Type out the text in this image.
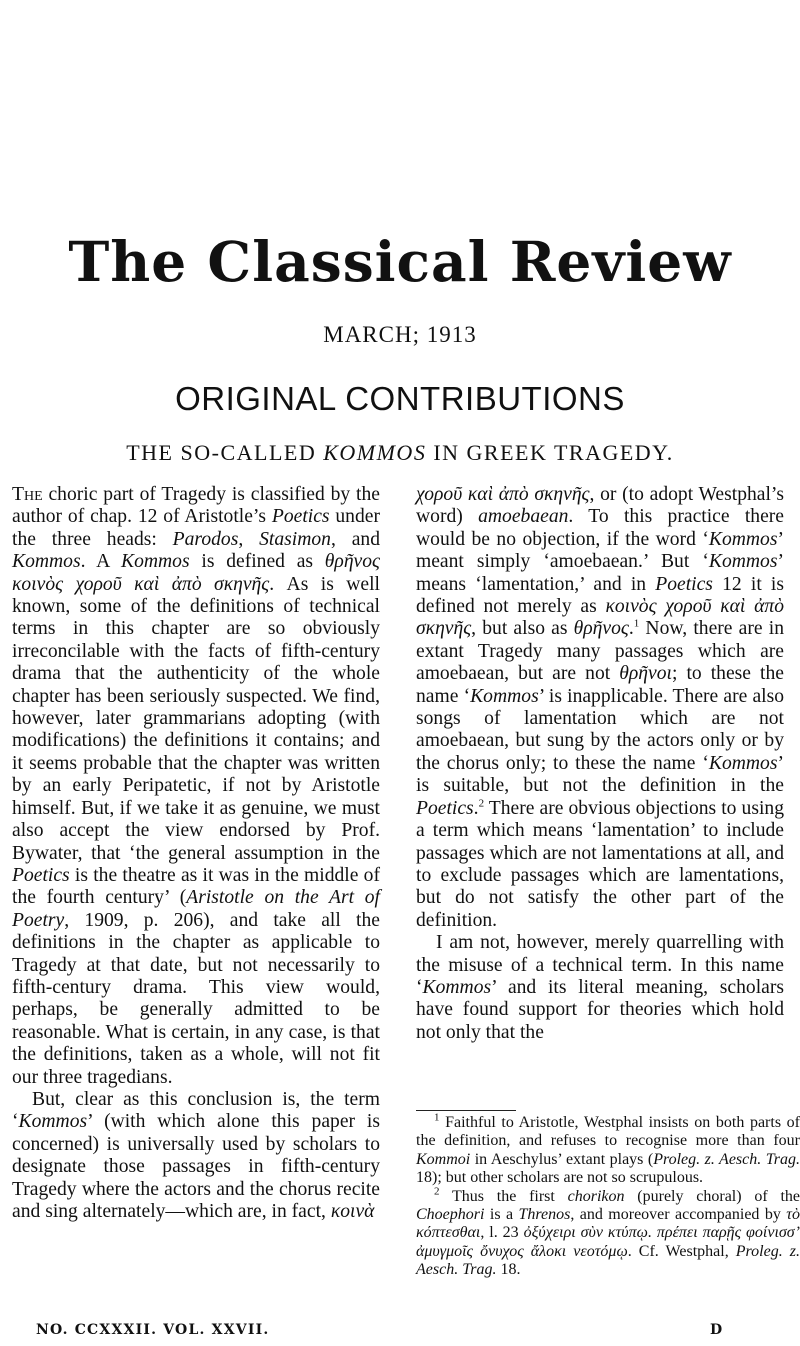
The Classical Review
MARCH; 1913
ORIGINAL CONTRIBUTIONS
THE SO-CALLED KOMMOS IN GREEK TRAGEDY.

The choric part of Tragedy is classified by the author of chap. 12 of Aristotle’s Poetics under the three heads: Parodos, Stasimon, and Kommos. A Kommos is defined as θρῆνος κοινὸς χοροῦ καὶ ἀπὸ σκηνῆς. As is well known, some of the definitions of technical terms in this chapter are so obviously irreconcilable with the facts of fifth-century drama that the authenticity of the whole chapter has been seriously suspected. We find, however, later grammarians adopting (with modifications) the definitions it contains; and it seems probable that the chapter was written by an early Peripatetic, if not by Aristotle himself. But, if we take it as genuine, we must also accept the view endorsed by Prof. Bywater, that ‘the general assumption in the Poetics is the theatre as it was in the middle of the fourth century’ (Aristotle on the Art of Poetry, 1909, p. 206), and take all the definitions in the chapter as applicable to Tragedy at that date, but not necessarily to fifth-century drama. This view would, perhaps, be generally admitted to be reasonable. What is certain, in any case, is that the definitions, taken as a whole, will not fit our three tragedians.

But, clear as this conclusion is, the term ‘Kommos’ (with which alone this paper is concerned) is universally used by scholars to designate those passages in fifth-century Tragedy where the actors and the chorus recite and sing alternately—which are, in fact, κοινὰ

χοροῦ καὶ ἀπὸ σκηνῆς, or (to adopt Westphal’s word) amoebaean. To this practice there would be no objection, if the word ‘Kommos’ meant simply ‘amoebaean.’ But ‘Kommos’ means ‘lamentation,’ and in Poetics 12 it is defined not merely as κοινὸς χοροῦ καὶ ἀπὸ σκηνῆς, but also as θρῆνος.$^1$ Now, there are in extant Tragedy many passages which are amoebaean, but are not θρῆνοι; to these the name ‘Kommos’ is inapplicable. There are also songs of lamentation which are not amoebaean, but sung by the actors only or by the chorus only; to these the name ‘Kommos’ is suitable, but not the definition in the Poetics.$^2$ There are obvious objections to using a term which means ‘lamentation’ to include passages which are not lamentations at all, and to exclude passages which are lamentations, but do not satisfy the other part of the definition.

I am not, however, merely quarrelling with the misuse of a technical term. In this name ‘Kommos’ and its literal meaning, scholars have found support for theories which hold not only that the

$^1$ Faithful to Aristotle, Westphal insists on both parts of the definition, and refuses to recognise more than four Kommoi in Aeschylus’ extant plays (Proleg. z. Aesch. Trag. 18); but other scholars are not so scrupulous.

$^2$ Thus the first chorikon (purely choral) of the Choephori is a Threnos, and moreover accompanied by τὸ κόπτεσθαι, l. 23 ὀξύχειρι σὺν κτύπῳ. πρέπει παρῇς φοίνισσ’ ἀμυγμοῖς ὄνυχος ἄλοκι νεοτόμῳ. Cf. Westphal, Proleg. z. Aesch. Trag. 18.

NO. CCXXXII. VOL. XXVII.	D
